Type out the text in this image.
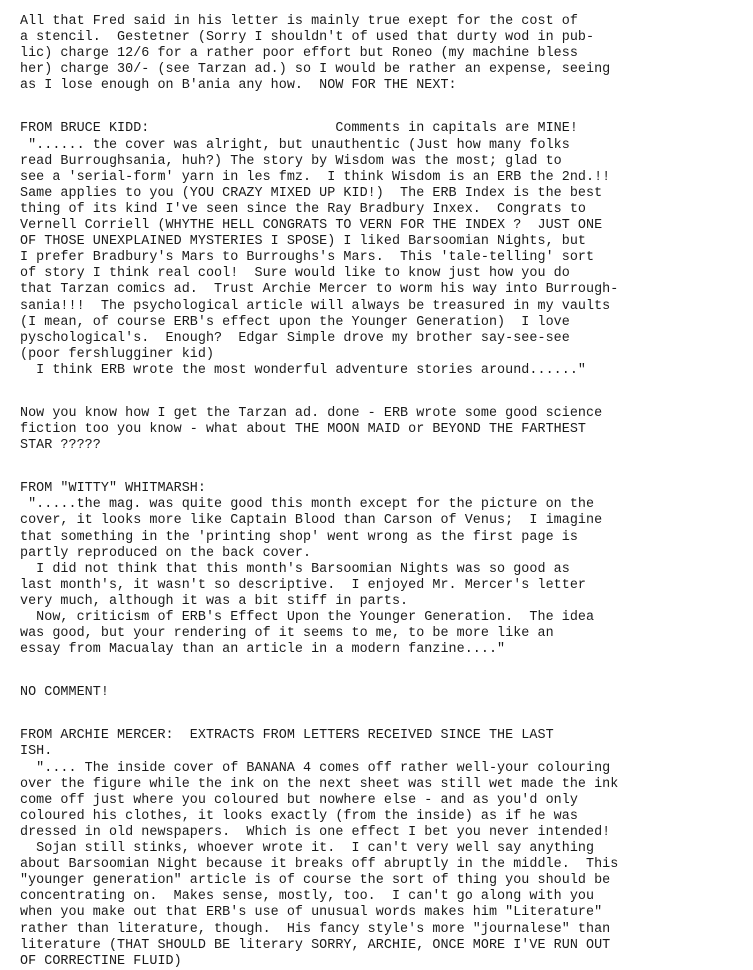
All that Fred said in his letter is mainly true exept for the cost of
a stencil.  Gestetner (Sorry I shouldn't of used that durty wod in pub-
lic) charge 12/6 for a rather poor effort but Roneo (my machine bless
her) charge 30/- (see Tarzan ad.) so I would be rather an expense, seeing
as I lose enough on B'ania any how.  NOW FOR THE NEXT:
FROM BRUCE KIDD:                       Comments in capitals are MINE!
"...... the cover was alright, but unauthentic (Just how many folks
read Burroughsania, huh?) The story by Wisdom was the most; glad to
see a 'serial-form' yarn in les fmz.  I think Wisdom is an ERB the 2nd.!!
Same applies to you (YOU CRAZY MIXED UP KID!)  The ERB Index is the best
thing of its kind I've seen since the Ray Bradbury Inxex.  Congrats to
Vernell Corriell (WHYTHE HELL CONGRATS TO VERN FOR THE INDEX ?  JUST ONE
OF THOSE UNEXPLAINED MYSTERIES I SPOSE) I liked Barsoomian Nights, but
I prefer Bradbury's Mars to Burroughs's Mars.  This 'tale-telling' sort
of story I think real cool!  Sure would like to know just how you do
that Tarzan comics ad.  Trust Archie Mercer to worm his way into Burrough-
sania!!!  The psychological article will always be treasured in my vaults
(I mean, of course ERB's effect upon the Younger Generation)  I love
pyschological's.  Enough?  Edgar Simple drove my brother say-see-see
(poor fershlugginer kid)
I think ERB wrote the most wonderful adventure stories around......"
Now you know how I get the Tarzan ad. done - ERB wrote some good science
fiction too you know - what about THE MOON MAID or BEYOND THE FARTHEST
STAR ?????
FROM "WITTY" WHITMARSH:
".....the mag. was quite good this month except for the picture on the
cover, it looks more like Captain Blood than Carson of Venus;  I imagine
that something in the 'printing shop' went wrong as the first page is
partly reproduced on the back cover.
I did not think that this month's Barsoomian Nights was so good as
last month's, it wasn't so descriptive.  I enjoyed Mr. Mercer's letter
very much, although it was a bit stiff in parts.
Now, criticism of ERB's Effect Upon the Younger Generation.  The idea
was good, but your rendering of it seems to me, to be more like an
essay from Macualay than an article in a modern fanzine...."
NO COMMENT!
FROM ARCHIE MERCER:  EXTRACTS FROM LETTERS RECEIVED SINCE THE LAST
ISH.
".... The inside cover of BANANA 4 comes off rather well-your colouring
over the figure while the ink on the next sheet was still wet made the ink
come off just where you coloured but nowhere else - and as you'd only
coloured his clothes, it looks exactly (from the inside) as if he was
dressed in old newspapers.  Which is one effect I bet you never intended!
Sojan still stinks, whoever wrote it.  I can't very well say anything
about Barsoomian Night because it breaks off abruptly in the middle.  This
"younger generation" article is of course the sort of thing you should be
concentrating on.  Makes sense, mostly, too.  I can't go along with you
when you make out that ERB's use of unusual words makes him "Literature"
rather than literature, though.  His fancy style's more "journalese" than
literature (THAT SHOULD BE literary SORRY, ARCHIE, ONCE MORE I'VE RUN OUT
OF CORRECTINE FLUID)
